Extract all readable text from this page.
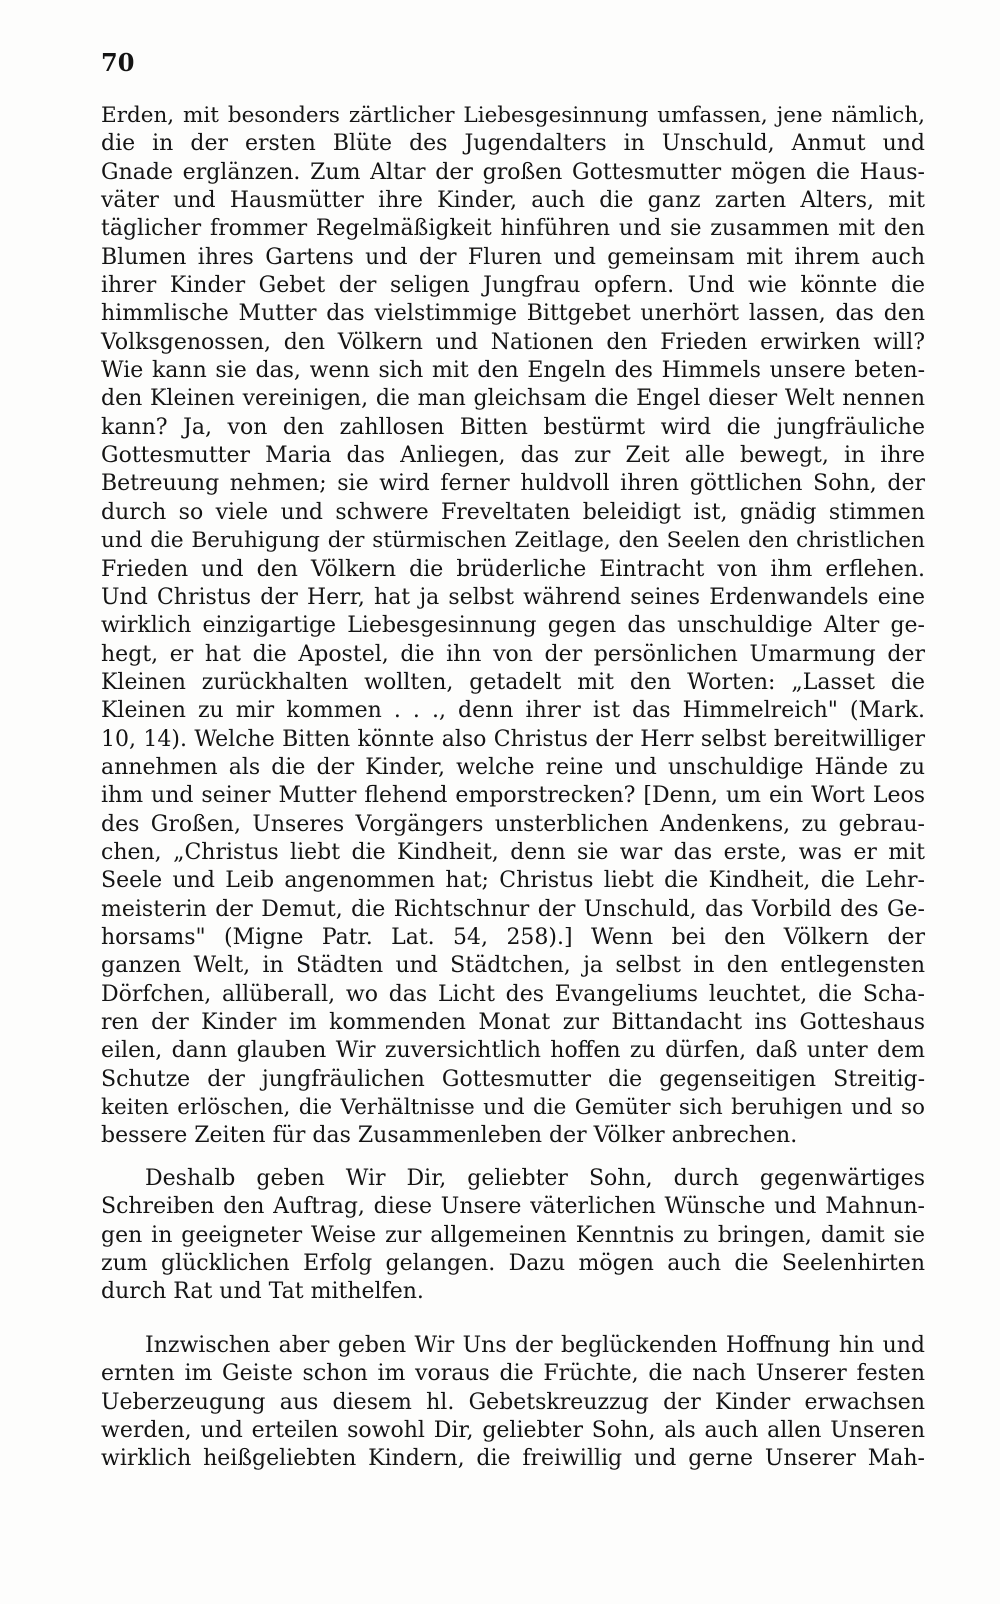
70
Erden, mit besonders zärtlicher Liebesgesinnung umfassen, jene nämlich,
die in der ersten Blüte des Jugendalters in Unschuld, Anmut und
Gnade erglänzen. Zum Altar der großen Gottesmutter mögen die Haus-
väter und Hausmütter ihre Kinder, auch die ganz zarten Alters, mit
täglicher frommer Regelmäßigkeit hinführen und sie zusammen mit den
Blumen ihres Gartens und der Fluren und gemeinsam mit ihrem auch
ihrer Kinder Gebet der seligen Jungfrau opfern. Und wie könnte die
himmlische Mutter das vielstimmige Bittgebet unerhört lassen, das den
Volksgenossen, den Völkern und Nationen den Frieden erwirken will?
Wie kann sie das, wenn sich mit den Engeln des Himmels unsere beten-
den Kleinen vereinigen, die man gleichsam die Engel dieser Welt nennen
kann? Ja, von den zahllosen Bitten bestürmt wird die jungfräuliche
Gottesmutter Maria das Anliegen, das zur Zeit alle bewegt, in ihre
Betreuung nehmen; sie wird ferner huldvoll ihren göttlichen Sohn, der
durch so viele und schwere Freveltaten beleidigt ist, gnädig stimmen
und die Beruhigung der stürmischen Zeitlage, den Seelen den christlichen
Frieden und den Völkern die brüderliche Eintracht von ihm erflehen.
Und Christus der Herr, hat ja selbst während seines Erdenwandels eine
wirklich einzigartige Liebesgesinnung gegen das unschuldige Alter ge-
hegt, er hat die Apostel, die ihn von der persönlichen Umarmung der
Kleinen zurückhalten wollten, getadelt mit den Worten: „Lasset die
Kleinen zu mir kommen . . ., denn ihrer ist das Himmelreich" (Mark.
10, 14). Welche Bitten könnte also Christus der Herr selbst bereitwilliger
annehmen als die der Kinder, welche reine und unschuldige Hände zu
ihm und seiner Mutter flehend emporstrecken? [Denn, um ein Wort Leos
des Großen, Unseres Vorgängers unsterblichen Andenkens, zu gebrau-
chen, „Christus liebt die Kindheit, denn sie war das erste, was er mit
Seele und Leib angenommen hat; Christus liebt die Kindheit, die Lehr-
meisterin der Demut, die Richtschnur der Unschuld, das Vorbild des Ge-
horsams" (Migne Patr. Lat. 54, 258).] Wenn bei den Völkern der
ganzen Welt, in Städten und Städtchen, ja selbst in den entlegensten
Dörfchen, allüberall, wo das Licht des Evangeliums leuchtet, die Scha-
ren der Kinder im kommenden Monat zur Bittandacht ins Gotteshaus
eilen, dann glauben Wir zuversichtlich hoffen zu dürfen, daß unter dem
Schutze der jungfräulichen Gottesmutter die gegenseitigen Streitig-
keiten erlöschen, die Verhältnisse und die Gemüter sich beruhigen und so
bessere Zeiten für das Zusammenleben der Völker anbrechen.
Deshalb geben Wir Dir, geliebter Sohn, durch gegenwärtiges
Schreiben den Auftrag, diese Unsere väterlichen Wünsche und Mahnun-
gen in geeigneter Weise zur allgemeinen Kenntnis zu bringen, damit sie
zum glücklichen Erfolg gelangen. Dazu mögen auch die Seelenhirten
durch Rat und Tat mithelfen.
Inzwischen aber geben Wir Uns der beglückenden Hoffnung hin und
ernten im Geiste schon im voraus die Früchte, die nach Unserer festen
Ueberzeugung aus diesem hl. Gebetskreuzzug der Kinder erwachsen
werden, und erteilen sowohl Dir, geliebter Sohn, als auch allen Unseren
wirklich heißgeliebten Kindern, die freiwillig und gerne Unserer Mah-
